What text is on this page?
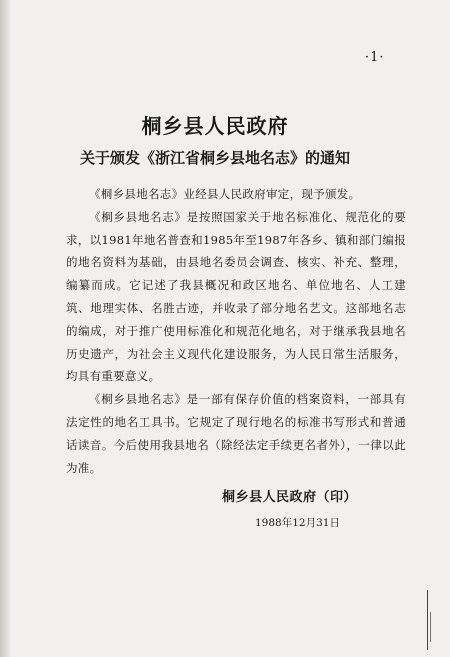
·1·
桐乡县人民政府
关于颁发《浙江省桐乡县地名志》的通知

《桐乡县地名志》业经县人民政府审定，现予颁发。

《桐乡县地名志》是按照国家关于地名标准化、规范化的要求，以1981年地名普查和1985年至1987年各乡、镇和部门编报的地名资料为基础，由县地名委员会调查、核实、补充、整理，编纂而成。它记述了我县概况和政区地名、单位地名、人工建筑、地理实体、名胜古迹，并收录了部分地名艺文。这部地名志的编成，对于推广使用标准化和规范化地名，对于继承我县地名历史遗产，为社会主义现代化建设服务，为人民日常生活服务，均具有重要意义。

《桐乡县地名志》是一部有保存价值的档案资料，一部具有法定性的地名工具书。它规定了现行地名的标准书写形式和普通话读音。今后使用我县地名（除经法定手续更名者外），一律以此为准。

桐乡县人民政府（印）
1988年12月31日
